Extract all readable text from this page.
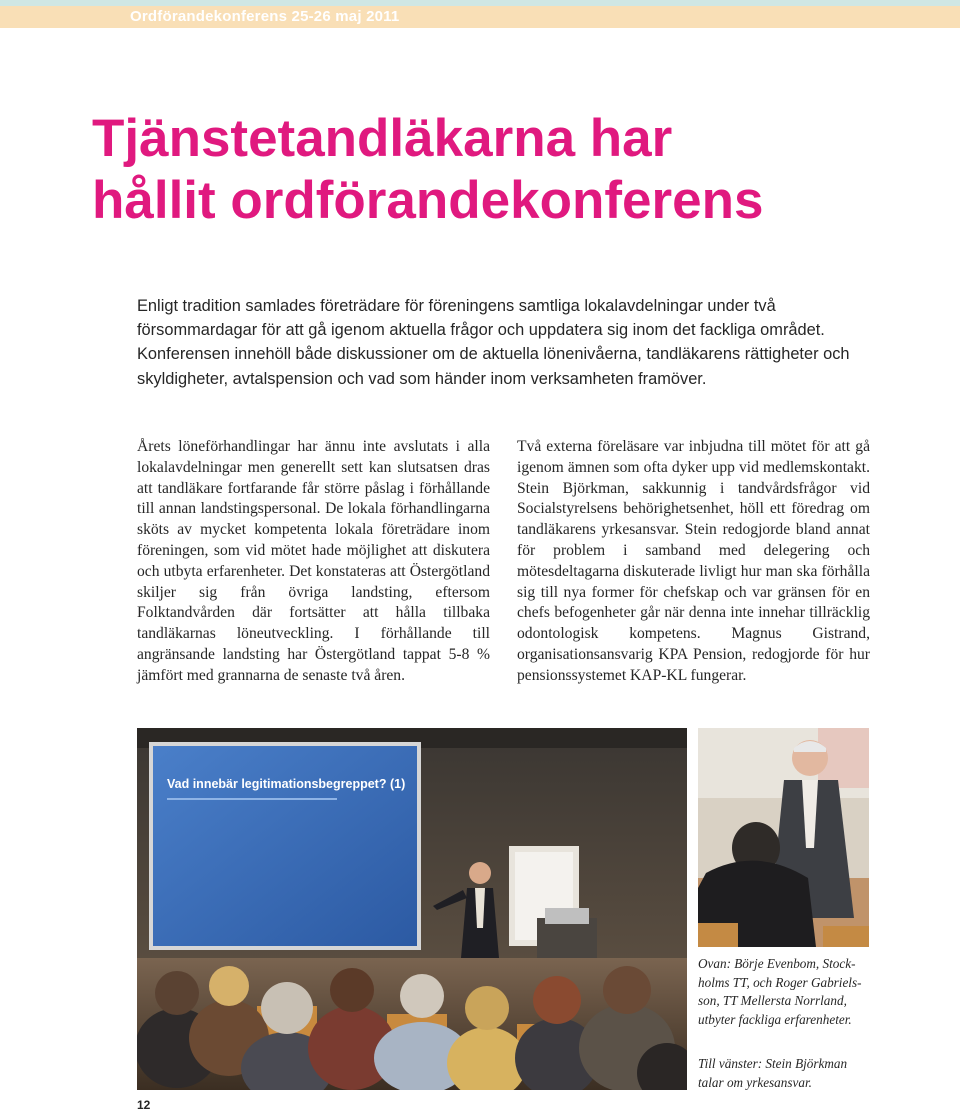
Ordförandekonferens 25-26 maj 2011
Tjänstetandläkarna har
hållit ordförandekonferens

Enligt tradition samlades företrädare för föreningens samtliga lokalavdelningar under två försommardagar för att gå igenom aktuella frågor och uppdatera sig inom det fackliga området. Konferensen innehöll både diskussioner om de aktuella lönenivåerna, tandläkarens rättigheter och skyldigheter, avtalspension och vad som händer inom verksamheten framöver.

Årets löneförhandlingar har ännu inte avslutats i alla lokalavdelningar men generellt sett kan slutsatsen dras att tandläkare fortfarande får större påslag i förhållande till annan landstingspersonal. De lokala förhandlingarna sköts av mycket kompetenta lokala företrädare inom föreningen, som vid mötet hade möjlighet att diskutera och utbyta erfarenheter. Det konstateras att Östergötland skiljer sig från övriga landsting, eftersom Folktandvården där fortsätter att hålla tillbaka tandläkarnas löneutveckling. I förhållande till angränsande landsting har Östergötland tappat 5-8 % jämfört med grannarna de senaste två åren.

Två externa föreläsare var inbjudna till mötet för att gå igenom ämnen som ofta dyker upp vid medlemskontakt. Stein Björkman, sakkunnig i tandvårdsfrågor vid Socialstyrelsens behörighetsenhet, höll ett föredrag om tandläkarens yrkesansvar. Stein redogjorde bland annat för problem i samband med delegering och mötesdeltagarna diskuterade livligt hur man ska förhålla sig till nya former för chefskap och var gränsen för en chefs befogenheter går när denna inte innehar tillräcklig odontologisk kompetens. Magnus Gistrand, organisationsansvarig KPA Pension, redogjorde för hur pensionssystemet KAP-KL fungerar.

Vad innebär legitimationsbegreppet? (1)

Ovan: Börje Evenbom, Stockholms TT, och Roger Gabrielsson, TT Mellersta Norrland, utbyter fackliga erfarenheter.

Till vänster: Stein Björkman talar om yrkesansvar.

12
